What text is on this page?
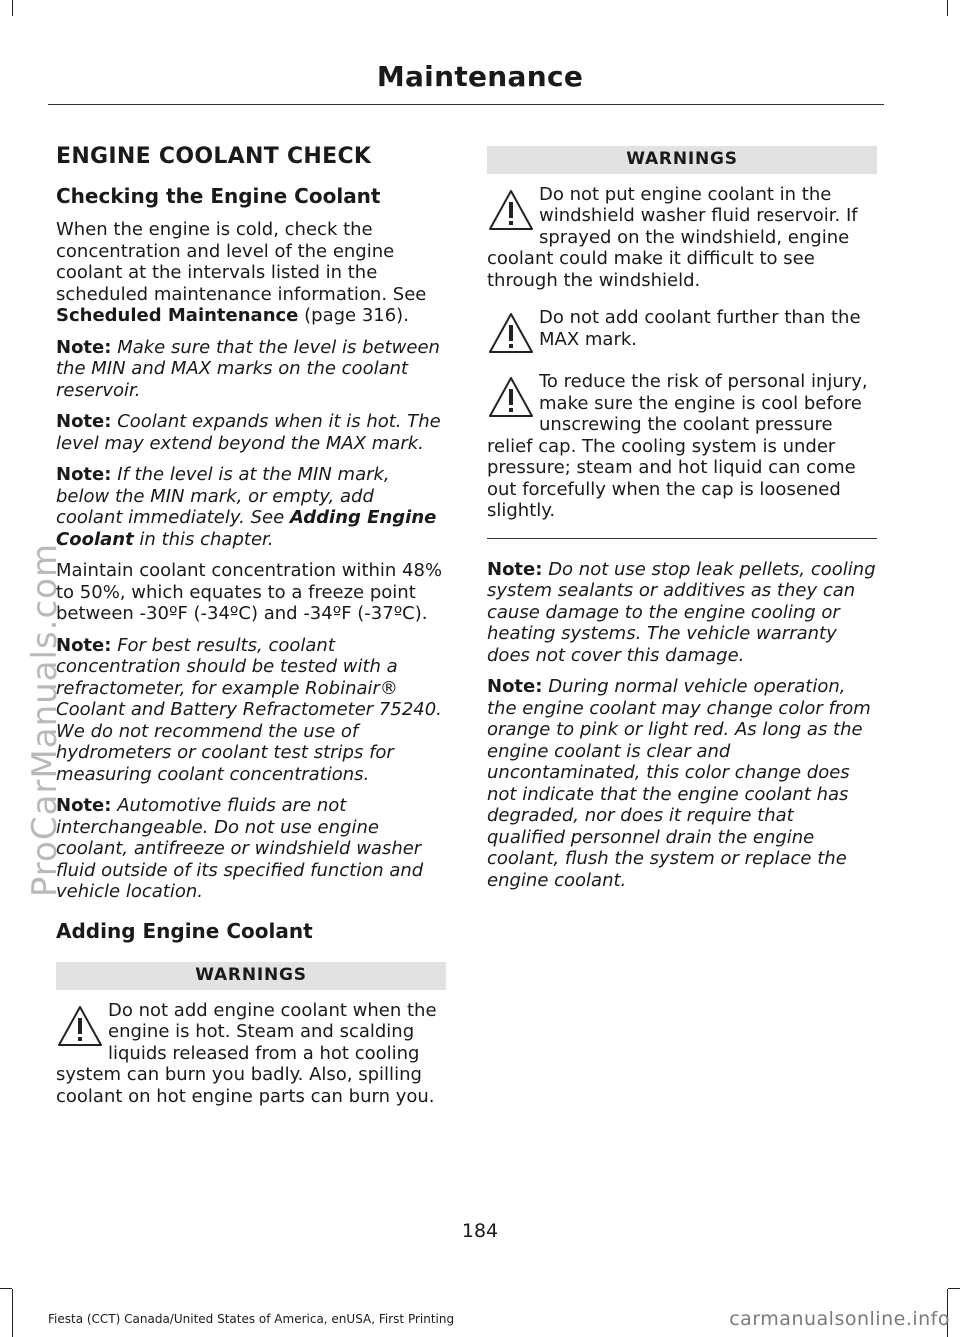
Maintenance
ProCarManuals.com
ENGINE COOLANT CHECK
Checking the Engine Coolant

When the engine is cold, check the concentration and level of the engine coolant at the intervals listed in the scheduled maintenance information. See Scheduled Maintenance (page 316).

Note: Make sure that the level is between the MIN and MAX marks on the coolant reservoir.

Note: Coolant expands when it is hot. The level may extend beyond the MAX mark.

Note: If the level is at the MIN mark, below the MIN mark, or empty, add coolant immediately. See Adding Engine Coolant in this chapter.

Maintain coolant concentration within 48% to 50%, which equates to a freeze point between -30ºF (-34ºC) and -34ºF (-37ºC).

Note: For best results, coolant concentration should be tested with a refractometer, for example Robinair® Coolant and Battery Refractometer 75240. We do not recommend the use of hydrometers or coolant test strips for measuring coolant concentrations.

Note: Automotive fluids are not interchangeable. Do not use engine coolant, antifreeze or windshield washer fluid outside of its specified function and vehicle location.

Adding Engine Coolant
WARNINGS
Do not add engine coolant when the engine is hot. Steam and scalding liquids released from a hot cooling system can burn you badly. Also, spilling coolant on hot engine parts can burn you.
WARNINGS
Do not put engine coolant in the windshield washer fluid reservoir. If sprayed on the windshield, engine coolant could make it difficult to see through the windshield.
Do not add coolant further than the MAX mark.
To reduce the risk of personal injury, make sure the engine is cool before unscrewing the coolant pressure relief cap. The cooling system is under pressure; steam and hot liquid can come out forcefully when the cap is loosened slightly.

Note: Do not use stop leak pellets, cooling system sealants or additives as they can cause damage to the engine cooling or heating systems. The vehicle warranty does not cover this damage.

Note: During normal vehicle operation, the engine coolant may change color from orange to pink or light red. As long as the engine coolant is clear and uncontaminated, this color change does not indicate that the engine coolant has degraded, nor does it require that qualified personnel drain the engine coolant, flush the system or replace the engine coolant.

184
Fiesta (CCT) Canada/United States of America, enUSA, First Printing	carmanualsonline.info
